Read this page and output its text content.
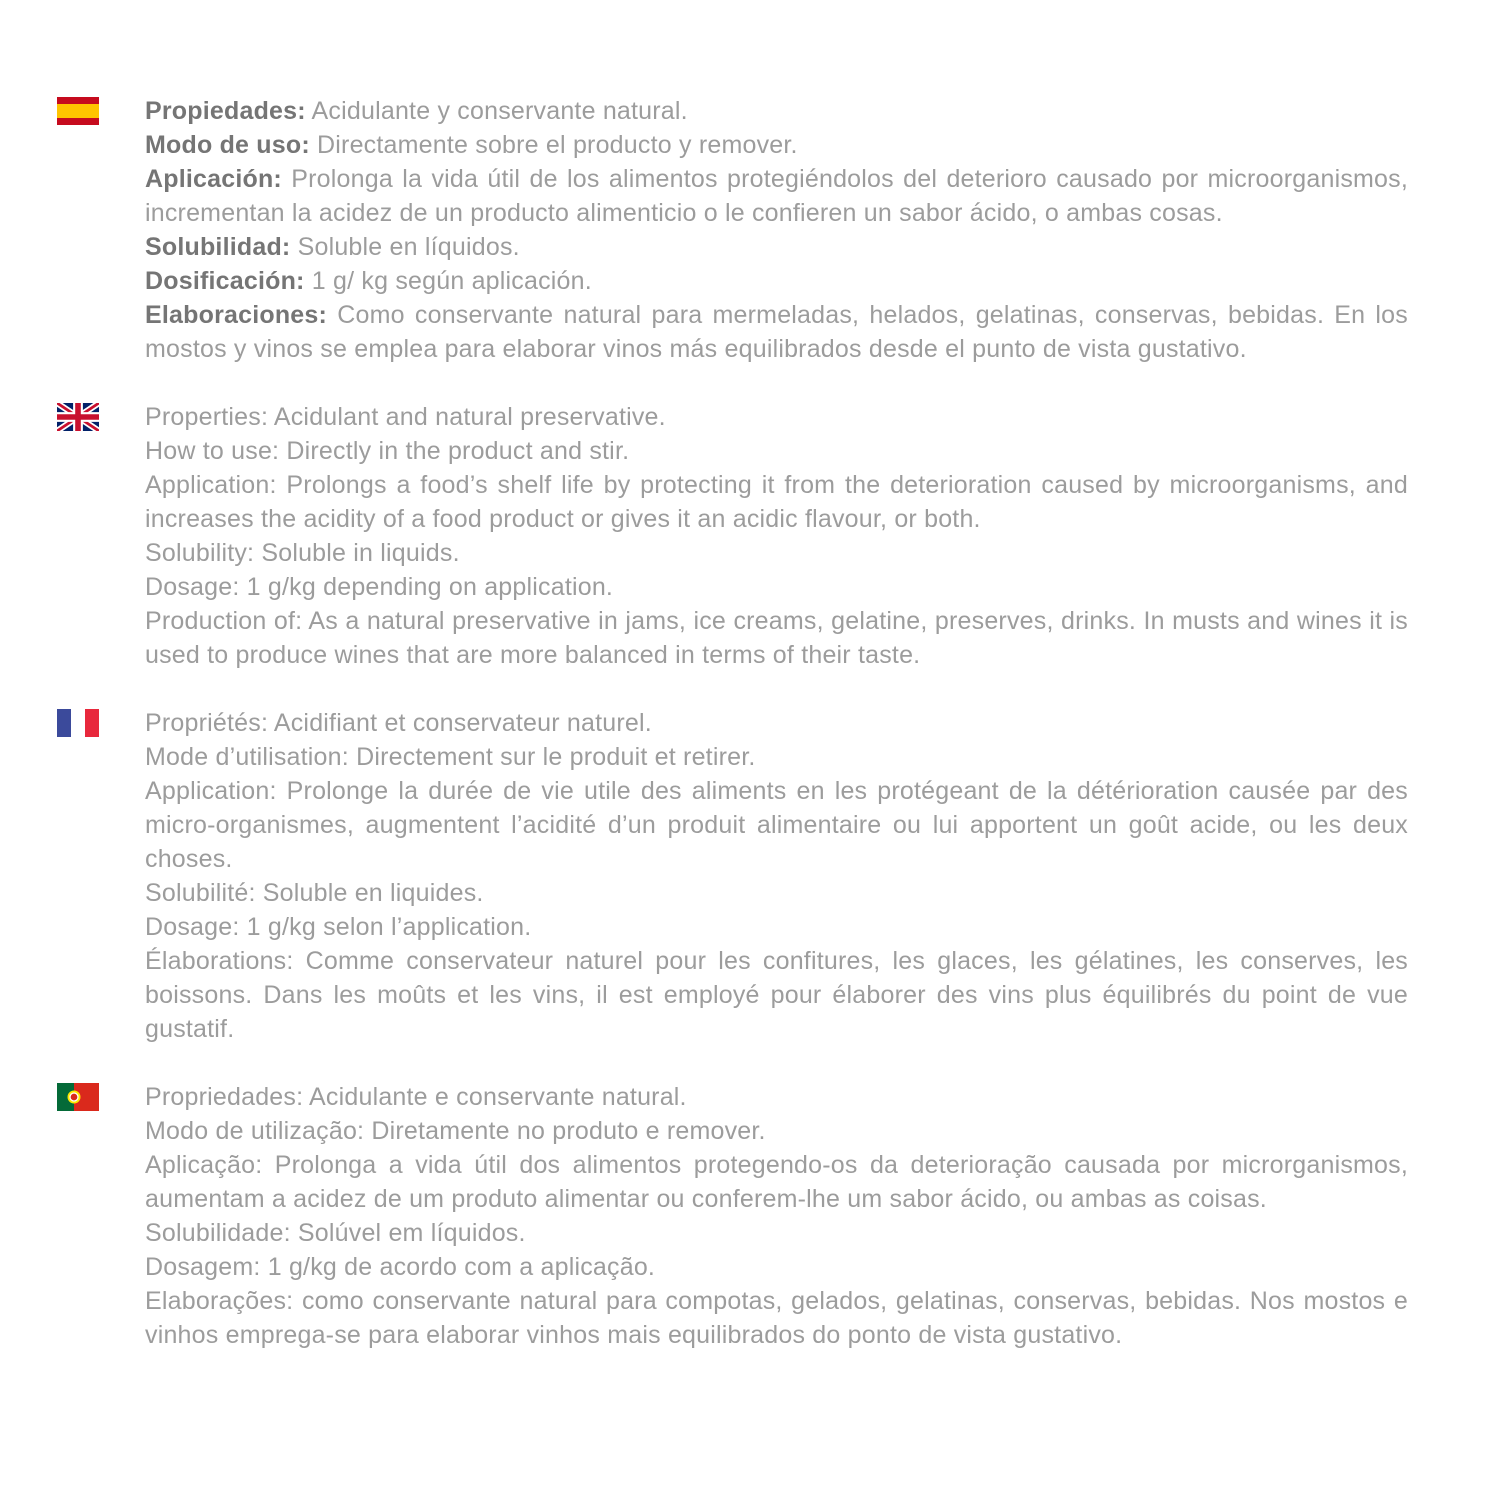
Propiedades: Acidulante y conservante natural.

Modo de uso: Directamente sobre el producto y remover.

Aplicación: Prolonga la vida útil de los alimentos protegiéndolos del deterioro causado por microorganismos, incrementan la acidez de un producto alimenticio o le confieren un sabor ácido, o ambas cosas.

Solubilidad: Soluble en líquidos.

Dosificación: 1 g/ kg según aplicación.

Elaboraciones: Como conservante natural para mermeladas, helados, gelatinas, conservas, bebidas. En los mostos y vinos se emplea para elaborar vinos más equilibrados desde el punto de vista gustativo.

Properties: Acidulant and natural preservative.

How to use: Directly in the product and stir.

Application: Prolongs a food’s shelf life by protecting it from the deterioration caused by microorganisms, and increases the acidity of a food product or gives it an acidic flavour, or both.

Solubility: Soluble in liquids.

Dosage: 1 g/kg depending on application.

Production of: As a natural preservative in jams, ice creams, gelatine, preserves, drinks. In musts and wines it is used to produce wines that are more balanced in terms of their taste.

Propriétés: Acidifiant et conservateur naturel.

Mode d’utilisation: Directement sur le produit et retirer.

Application: Prolonge la durée de vie utile des aliments en les protégeant de la détérioration causée par des micro-organismes, augmentent l’acidité d’un produit alimentaire ou lui apportent un goût acide, ou les deux choses.

Solubilité: Soluble en liquides.

Dosage: 1 g/kg selon l’application.

Élaborations: Comme conservateur naturel pour les confitures, les glaces, les gélatines, les conserves, les boissons. Dans les moûts et les vins, il est employé pour élaborer des vins plus équilibrés du point de vue gustatif.

Propriedades: Acidulante e conservante natural.

Modo de utilização: Diretamente no produto e remover.

Aplicação: Prolonga a vida útil dos alimentos protegendo-os da deterioração causada por microrganismos, aumentam a acidez de um produto alimentar ou conferem-lhe um sabor ácido, ou ambas as coisas.

Solubilidade: Solúvel em líquidos.

Dosagem: 1 g/kg de acordo com a aplicação.

Elaborações: como conservante natural para compotas, gelados, gelatinas, conservas, bebidas. Nos mostos e vinhos emprega-se para elaborar vinhos mais equilibrados do ponto de vista gustativo.
